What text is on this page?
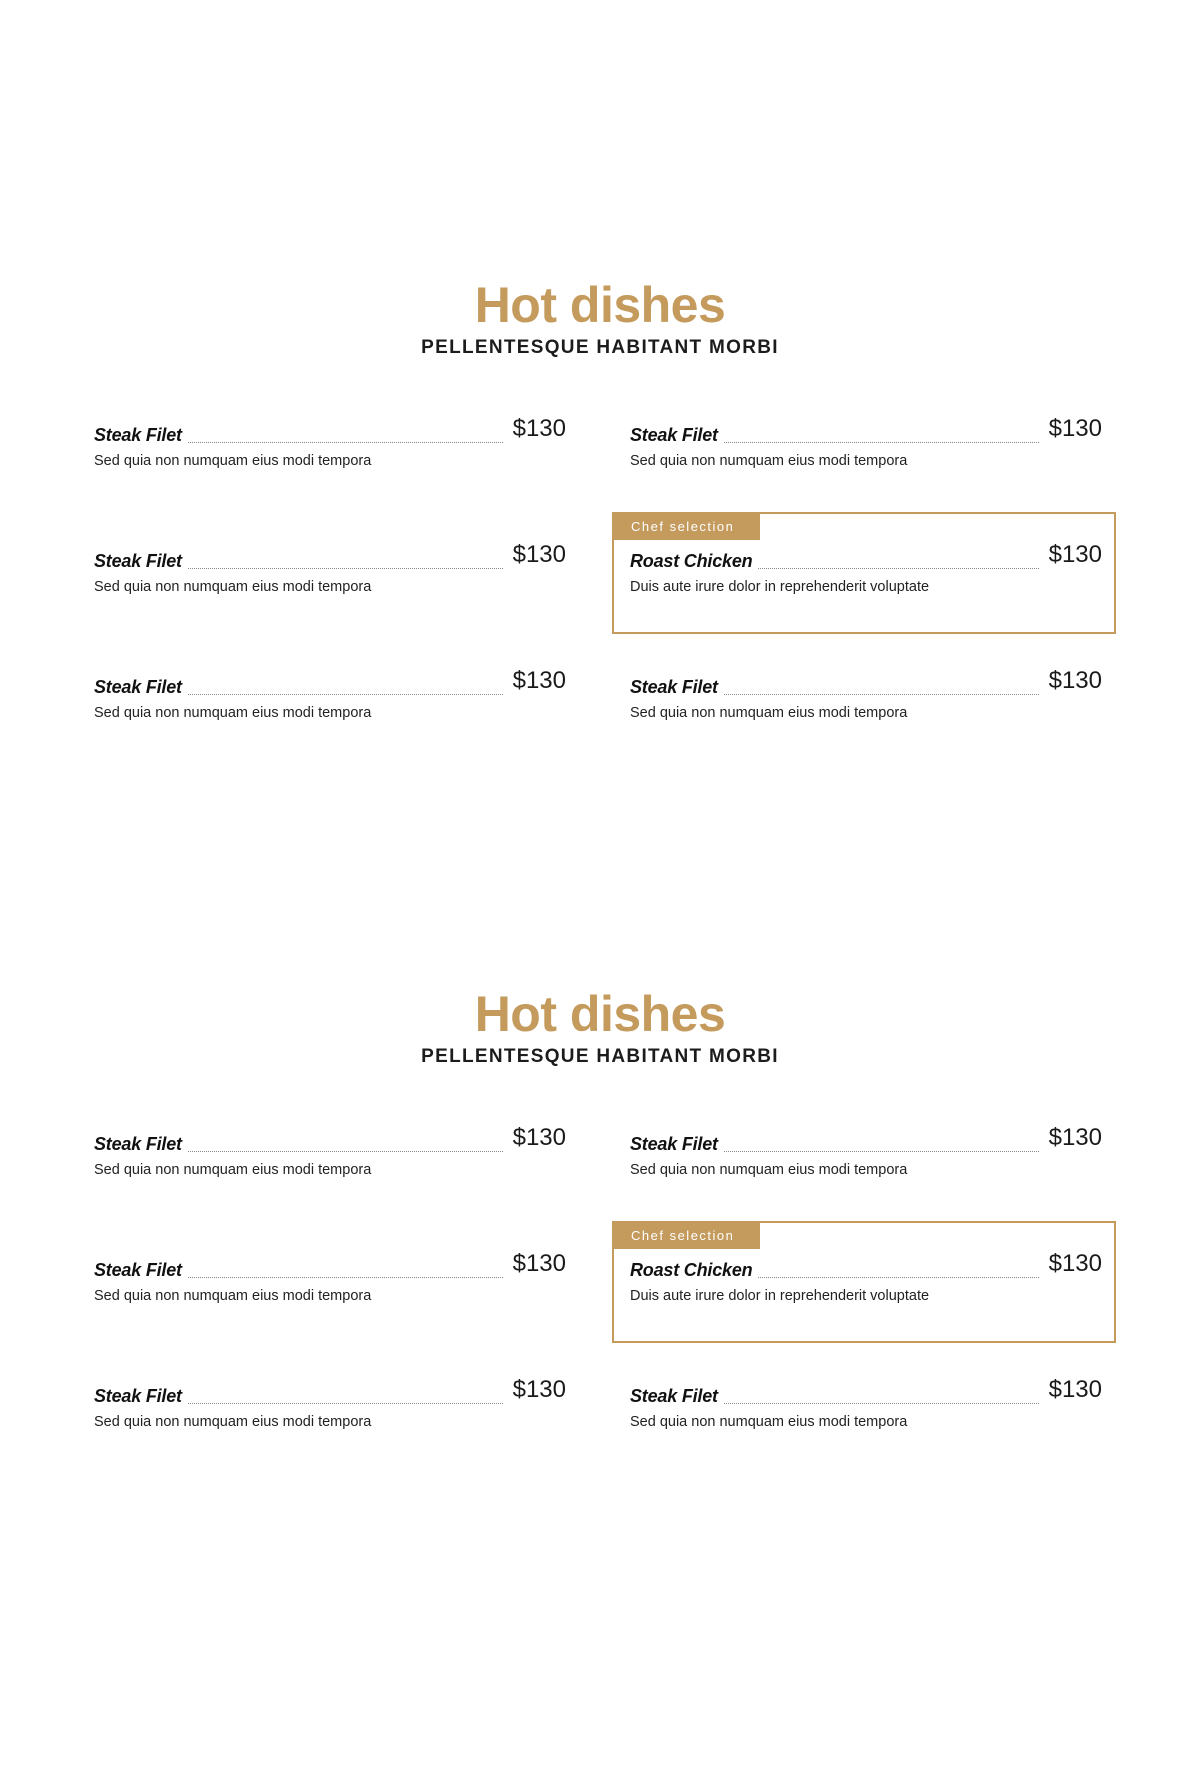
Hot dishes
PELLENTESQUE HABITANT MORBI
Steak Filet	$130
Sed quia non numquam eius modi tempora
Steak Filet	$130
Sed quia non numquam eius modi tempora
Steak Filet	$130
Sed quia non numquam eius modi tempora
Steak Filet	$130
Sed quia non numquam eius modi tempora
Chef selection
Roast Chicken	$130
Duis aute irure dolor in reprehenderit voluptate
Steak Filet	$130
Sed quia non numquam eius modi tempora
Hot dishes
PELLENTESQUE HABITANT MORBI
Steak Filet	$130
Sed quia non numquam eius modi tempora
Steak Filet	$130
Sed quia non numquam eius modi tempora
Steak Filet	$130
Sed quia non numquam eius modi tempora
Steak Filet	$130
Sed quia non numquam eius modi tempora
Chef selection
Roast Chicken	$130
Duis aute irure dolor in reprehenderit voluptate
Steak Filet	$130
Sed quia non numquam eius modi tempora
